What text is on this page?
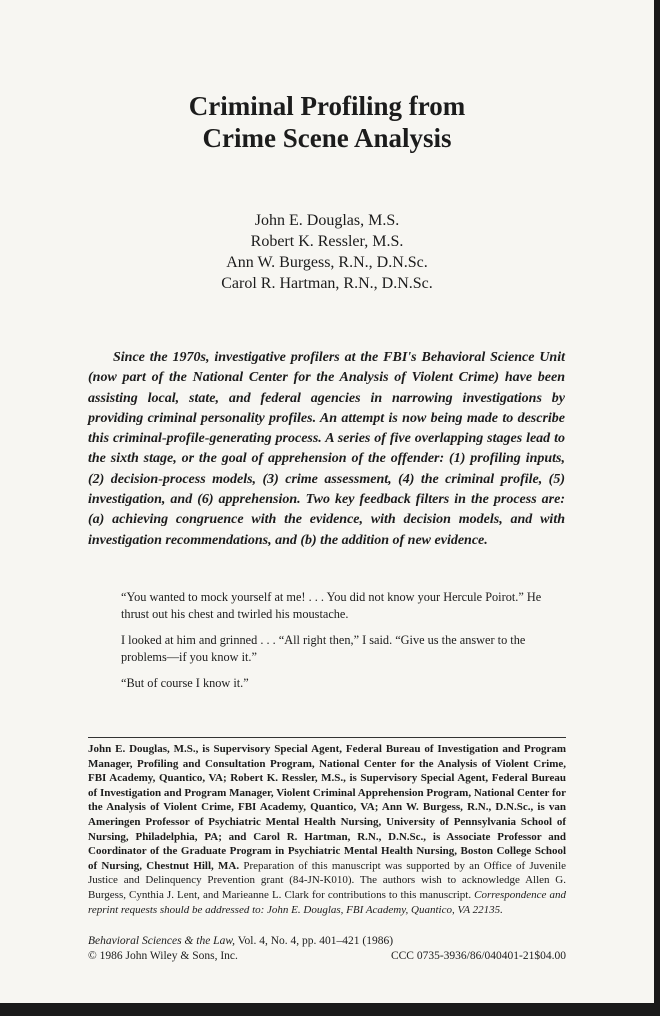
Criminal Profiling from
Crime Scene Analysis
John E. Douglas, M.S.
Robert K. Ressler, M.S.
Ann W. Burgess, R.N., D.N.Sc.
Carol R. Hartman, R.N., D.N.Sc.

Since the 1970s, investigative profilers at the FBI's Behavioral Science Unit (now part of the National Center for the Analysis of Violent Crime) have been assisting local, state, and federal agencies in narrowing investigations by providing criminal personality profiles. An attempt is now being made to describe this criminal-profile-generating process. A series of five overlapping stages lead to the sixth stage, or the goal of apprehension of the offender: (1) profiling inputs, (2) decision-process models, (3) crime assessment, (4) the criminal profile, (5) investigation, and (6) apprehension. Two key feedback filters in the process are: (a) achieving congruence with the evidence, with decision models, and with investigation recommendations, and (b) the addition of new evidence.

“You wanted to mock yourself at me! . . . You did not know your Hercule Poirot.” He thrust out his chest and twirled his moustache.

I looked at him and grinned . . . “All right then,” I said. “Give us the answer to the problems—if you know it.”

“But of course I know it.”

John E. Douglas, M.S., is Supervisory Special Agent, Federal Bureau of Investigation and Program Manager, Profiling and Consultation Program, National Center for the Analysis of Violent Crime, FBI Academy, Quantico, VA; Robert K. Ressler, M.S., is Supervisory Special Agent, Federal Bureau of Investigation and Program Manager, Violent Criminal Apprehension Program, National Center for the Analysis of Violent Crime, FBI Academy, Quantico, VA; Ann W. Burgess, R.N., D.N.Sc., is van Ameringen Professor of Psychiatric Mental Health Nursing, University of Pennsylvania School of Nursing, Philadelphia, PA; and Carol R. Hartman, R.N., D.N.Sc., is Associate Professor and Coordinator of the Graduate Program in Psychiatric Mental Health Nursing, Boston College School of Nursing, Chestnut Hill, MA. Preparation of this manuscript was supported by an Office of Juvenile Justice and Delinquency Prevention grant (84-JN-K010). The authors wish to acknowledge Allen G. Burgess, Cynthia J. Lent, and Marieanne L. Clark for contributions to this manuscript. Correspondence and reprint requests should be addressed to: John E. Douglas, FBI Academy, Quantico, VA 22135.

Behavioral Sciences & the Law, Vol. 4, No. 4, pp. 401–421 (1986)
© 1986 John Wiley & Sons, Inc.	CCC 0735-3936/86/040401-21$04.00
